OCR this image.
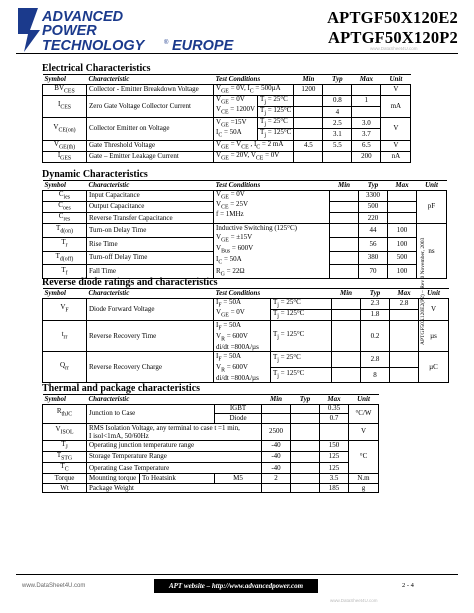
ADVANCED
POWER
TECHNOLOGY	® EUROPE
APTGF50X120E2
APTGF50X120P2
www.DataSheet4U.com
Electrical Characteristics
Symbol	Characteristic	Test Conditions		Min	Typ	Max	Unit
$BV_{CES}$	Collector - Emitter Breakdown Voltage	$V_{GE} = 0V$, $I_C = 500\mu A$		1200			V
$I_{CES}$	Zero Gate Voltage Collector Current	$V_{GE} = 0V$
$V_{CE} = 1200V$	$T_j = 25^\circ C$		0.8	1	mA
			$T_j = 125^\circ C$		4		
$V_{CE(on)}$	Collector Emitter on Voltage	$V_{GE} =15V$
$I_C = 50A$	$T_j = 25^\circ C$		2.5	3.0	V
			$T_j = 125^\circ C$		3.1	3.7	
$V_{GE(th)}$	Gate Threshold Voltage	$V_{GE} = V_{CE}$ , $I_C = 2$ mA		4.5	5.5	6.5	V
$I_{GES}$	Gate – Emitter Leakage Current	$V_{GE} = 20V$, $V_{CE} = 0V$				200	nA
Dynamic Characteristics
Symbol	Characteristic	Test Conditions	Min	Typ	Max	Unit
$C_{ies}$	Input Capacitance	$V_{GE} = 0V$
$V_{CE} = 25V$
f = 1MHz		3300		pF
$C_{oes}$	Output Capacitance			500		
$C_{res}$	Reverse Transfer Capacitance			220		
$T_{d(on)}$	Turn-on Delay Time	Inductive Switching (125°C)
$V_{GE} = \pm 15V$
$V_{Bus} = 600V$
$I_C = 50A$
$R_G = 22\Omega$		44	100	ns
$T_r$	Rise Time			56	100	
$T_{d(off)}$	Turn-off Delay Time			380	500	
$T_f$	Fall Time			70	100	
Reverse diode ratings and characteristics
Symbol	Characteristic	Test Conditions		Min	Typ	Max	Unit
$V_F$	Diode Forward Voltage	$I_F = 50A$
$V_{GE} = 0V$	$T_j = 25^\circ C$		2.3	2.8	V
			$T_j = 125^\circ C$		1.8		
$t_{rr}$	Reverse Recovery Time	$I_F = 50A$
$V_R = 600V$
di/dt =800A/µs	$T_j = 125^\circ C$		0.2		µs
$Q_{rr}$	Reverse Recovery Charge	$I_F = 50A$
$V_R = 600V$
di/dt =800A/µs	$T_j = 25^\circ C$		2.8		µC
			$T_j = 125^\circ C$		8		
Thermal and package characteristics
Symbol	Characteristic			Min	Typ	Max	Unit
$R_{thJC}$	Junction to Case		IGBT			0.35	°C/W
			Diode			0.7	
$V_{ISOL}$	RMS Isolation Voltage, any terminal to case t =1 min,
I isol<1mA, 50/60Hz			2500			V
$T_J$	Operating junction temperature range			-40		150	°C
$T_{STG}$	Storage Temperature Range			-40		125	
$T_C$	Operating Case Temperature			-40		125	
Torque	Mounting torque	To Heatsink	M5	2		3.5	N.m
Wt	Package Weight					185	g
APTGF50X120E2(P2) – Rev 0 November, 2003
www.DataSheet4U.com	APT website – http://www.advancedpower.com	2 - 4
www.DataSheet4U.com
